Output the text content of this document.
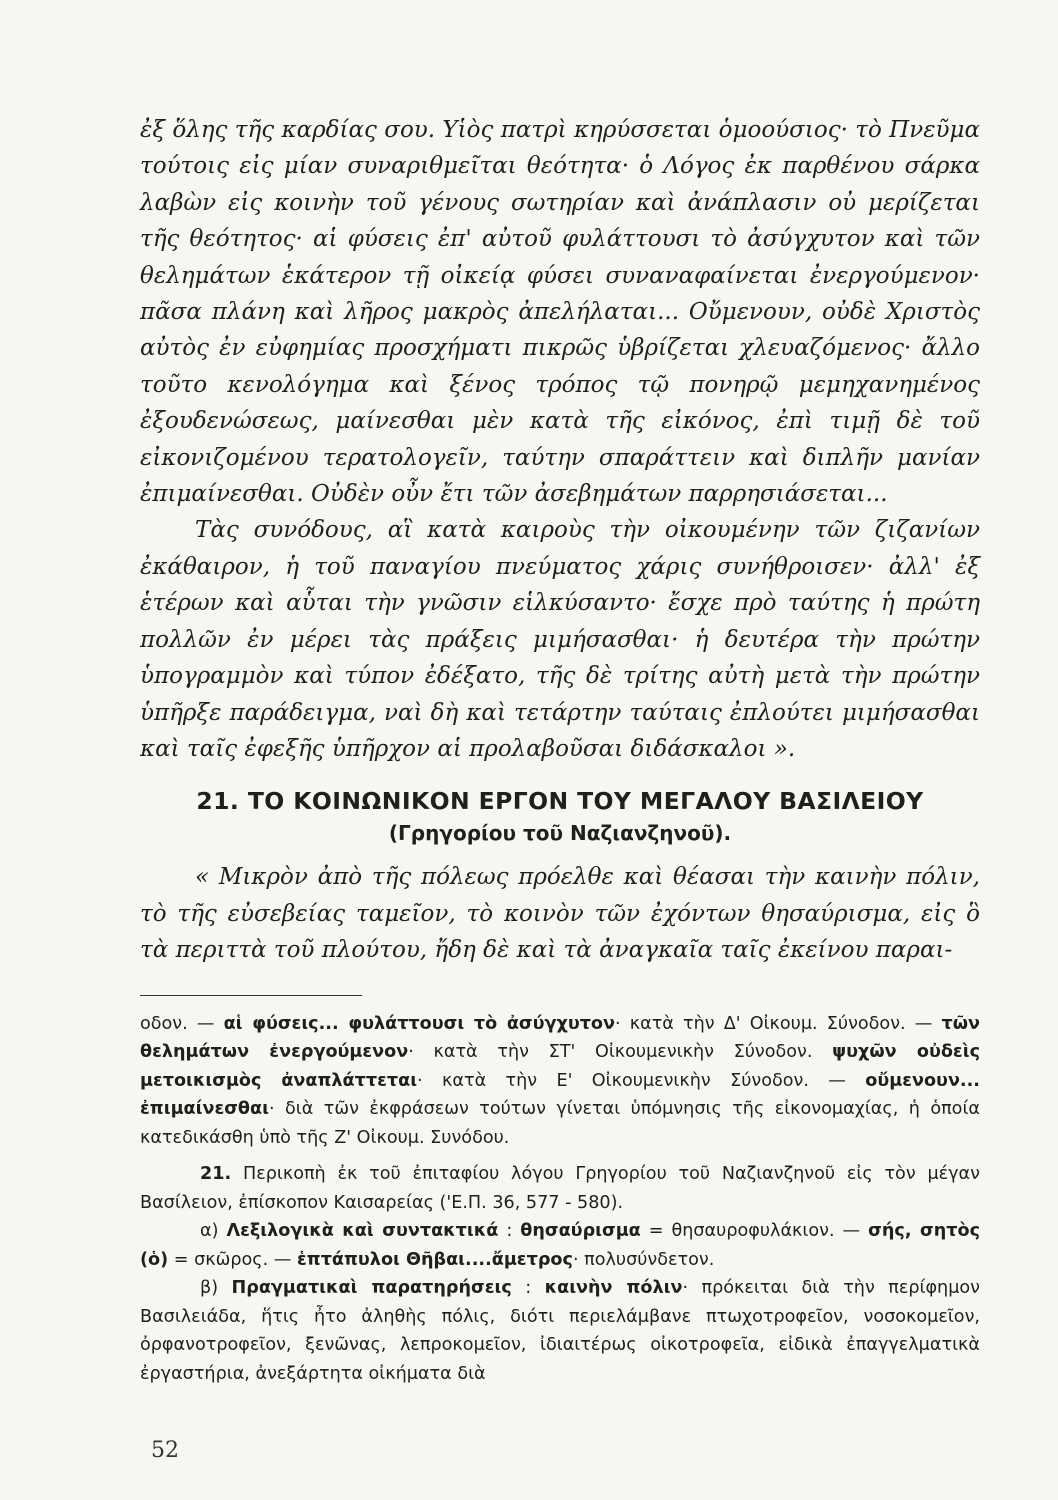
ἐξ ὅλης τῆς καρδίας σου. Υἱὸς πατρὶ κηρύσσεται ὁμοούσιος· τὸ Πνεῦμα τούτοις εἰς μίαν συναριθμεῖται θεότητα· ὁ Λόγος ἐκ παρθένου σάρκα λαβὼν εἰς κοινὴν τοῦ γένους σωτηρίαν καὶ ἀνάπλασιν οὐ μερίζεται τῆς θεότητος· αἱ φύσεις ἐπ' αὐτοῦ φυλάττουσι τὸ ἀσύγχυτον καὶ τῶν θελημάτων ἑκάτερον τῇ οἰκείᾳ φύσει συναναφαίνεται ἐνεργούμενον· πᾶσα πλάνη καὶ λῆρος μακρὸς ἀπελήλαται... Οὔμενουν, οὐδὲ Χριστὸς αὐτὸς ἐν εὐφημίας προσχήματι πικρῶς ὑβρίζεται χλευαζόμενος· ἄλλο τοῦτο κενολόγημα καὶ ξένος τρόπος τῷ πονηρῷ μεμηχανημένος ἐξουδενώσεως, μαίνεσθαι μὲν κατὰ τῆς εἰκόνος, ἐπὶ τιμῇ δὲ τοῦ εἰκονιζομένου τερατολογεῖν, ταύτην σπαράττειν καὶ διπλῆν μανίαν ἐπιμαίνεσθαι. Οὐδὲν οὖν ἔτι τῶν ἀσεβημάτων παρρησιάσεται...
Τὰς συνόδους, αἳ κατὰ καιροὺς τὴν οἰκουμένην τῶν ζιζανίων ἐκάθαιρον, ἡ τοῦ παναγίου πνεύματος χάρις συνήθροισεν· ἀλλ' ἐξ ἑτέρων καὶ αὗται τὴν γνῶσιν εἱλκύσαντο· ἔσχε πρὸ ταύτης ἡ πρώτη πολλῶν ἐν μέρει τὰς πράξεις μιμήσασθαι· ἡ δευτέρα τὴν πρώτην ὑπογραμμὸν καὶ τύπον ἐδέξατο, τῆς δὲ τρίτης αὐτὴ μετὰ τὴν πρώτην ὑπῆρξε παράδειγμα, ναὶ δὴ καὶ τετάρτην ταύταις ἐπλούτει μιμήσασθαι καὶ ταῖς ἐφεξῆς ὑπῆρχον αἱ προλαβοῦσαι διδάσκαλοι ».
21. ΤΟ ΚΟΙΝΩΝΙΚΟΝ ΕΡΓΟΝ ΤΟΥ ΜΕΓΑΛΟΥ ΒΑΣΙΛΕΙΟΥ
(Γρηγορίου τοῦ Ναζιανζηνοῦ).
« Μικρὸν ἀπὸ τῆς πόλεως πρόελθε καὶ θέασαι τὴν καινὴν πόλιν, τὸ τῆς εὐσεβείας ταμεῖον, τὸ κοινὸν τῶν ἐχόντων θησαύρισμα, εἰς ὃ τὰ περιττὰ τοῦ πλούτου, ἤδη δὲ καὶ τὰ ἀναγκαῖα ταῖς ἐκείνου παραι-

οδον. — αἱ φύσεις... φυλάττουσι τὸ ἀσύγχυτον· κατὰ τὴν Δ' Οἰκουμ. Σύνοδον. — τῶν θελημάτων ἐνεργούμενον· κατὰ τὴν ΣΤ' Οἰκουμενικὴν Σύνοδον. ψυχῶν οὐδεὶς μετοικισμὸς ἀναπλάττεται· κατὰ τὴν Ε' Οἰκουμενικὴν Σύνοδον. — οὔμενουν... ἐπιμαίνεσθαι· διὰ τῶν ἐκφράσεων τούτων γίνεται ὑπόμνησις τῆς εἰκονομαχίας, ἡ ὁποία κατεδικάσθη ὑπὸ τῆς Ζ' Οἰκουμ. Συνόδου.

21. Περικοπὴ ἐκ τοῦ ἐπιταφίου λόγου Γρηγορίου τοῦ Ναζιανζηνοῦ εἰς τὸν μέγαν Βασίλειον, ἐπίσκοπον Καισαρείας ('Ε.Π. 36, 577 - 580).

α) Λεξιλογικὰ καὶ συντακτικά : θησαύρισμα = θησαυροφυλάκιον. — σής, σητὸς (ὁ) = σκῶρος. — ἑπτάπυλοι Θῆβαι....ἄμετρος· πολυσύνδετον.

β) Πραγματικαὶ παρατηρήσεις : καινὴν πόλιν· πρόκειται διὰ τὴν περίφημον Βασιλειάδα, ἥτις ἦτο ἀληθὴς πόλις, διότι περιελάμβανε πτωχοτροφεῖον, νοσοκομεῖον, ὀρφανοτροφεῖον, ξενῶνας, λεπροκομεῖον, ἰδιαιτέρως οἰκοτροφεῖα, εἰδικὰ ἐπαγγελματικὰ ἐργαστήρια, ἀνεξάρτητα οἰκήματα διὰ

52
